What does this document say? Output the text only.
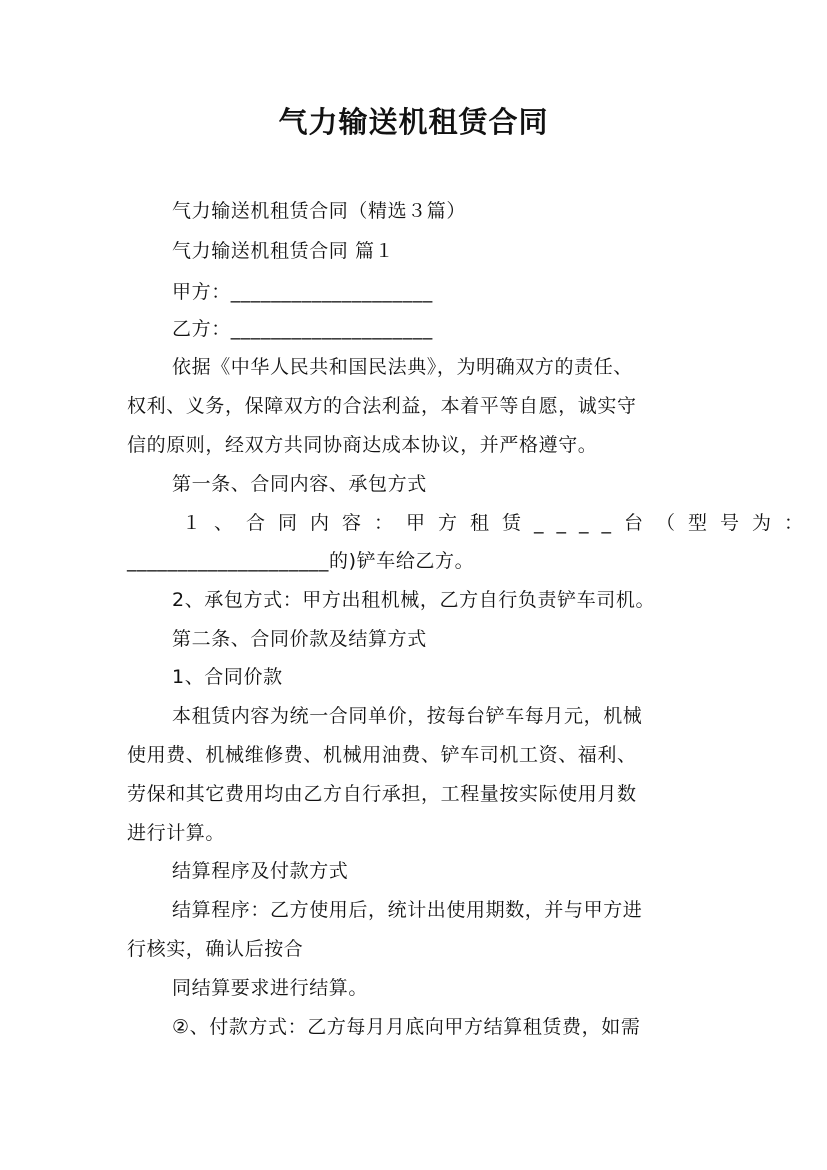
气力输送机租赁合同
气力输送机租赁合同（精选３篇）
气力输送机租赁合同 篇１
甲方：____________________
乙方：____________________
依据《中华人民共和国民法典》，为明确双方的责任、
权利、义务，保障双方的合法利益，本着平等自愿，诚实守
信的原则，经双方共同协商达成本协议，并严格遵守。
第一条、合同内容、承包方式
１、合同内容：甲方租赁____台（型号为：
____________________的)铲车给乙方。
2、承包方式：甲方出租机械，乙方自行负责铲车司机。
第二条、合同价款及结算方式
1、合同价款
本租赁内容为统一合同单价，按每台铲车每月元，机械
使用费、机械维修费、机械用油费、铲车司机工资、福利、
劳保和其它费用均由乙方自行承担，工程量按实际使用月数
进行计算。
结算程序及付款方式
结算程序：乙方使用后，统计出使用期数，并与甲方进
行核实，确认后按合
同结算要求进行结算。
②、付款方式：乙方每月月底向甲方结算租赁费，如需
